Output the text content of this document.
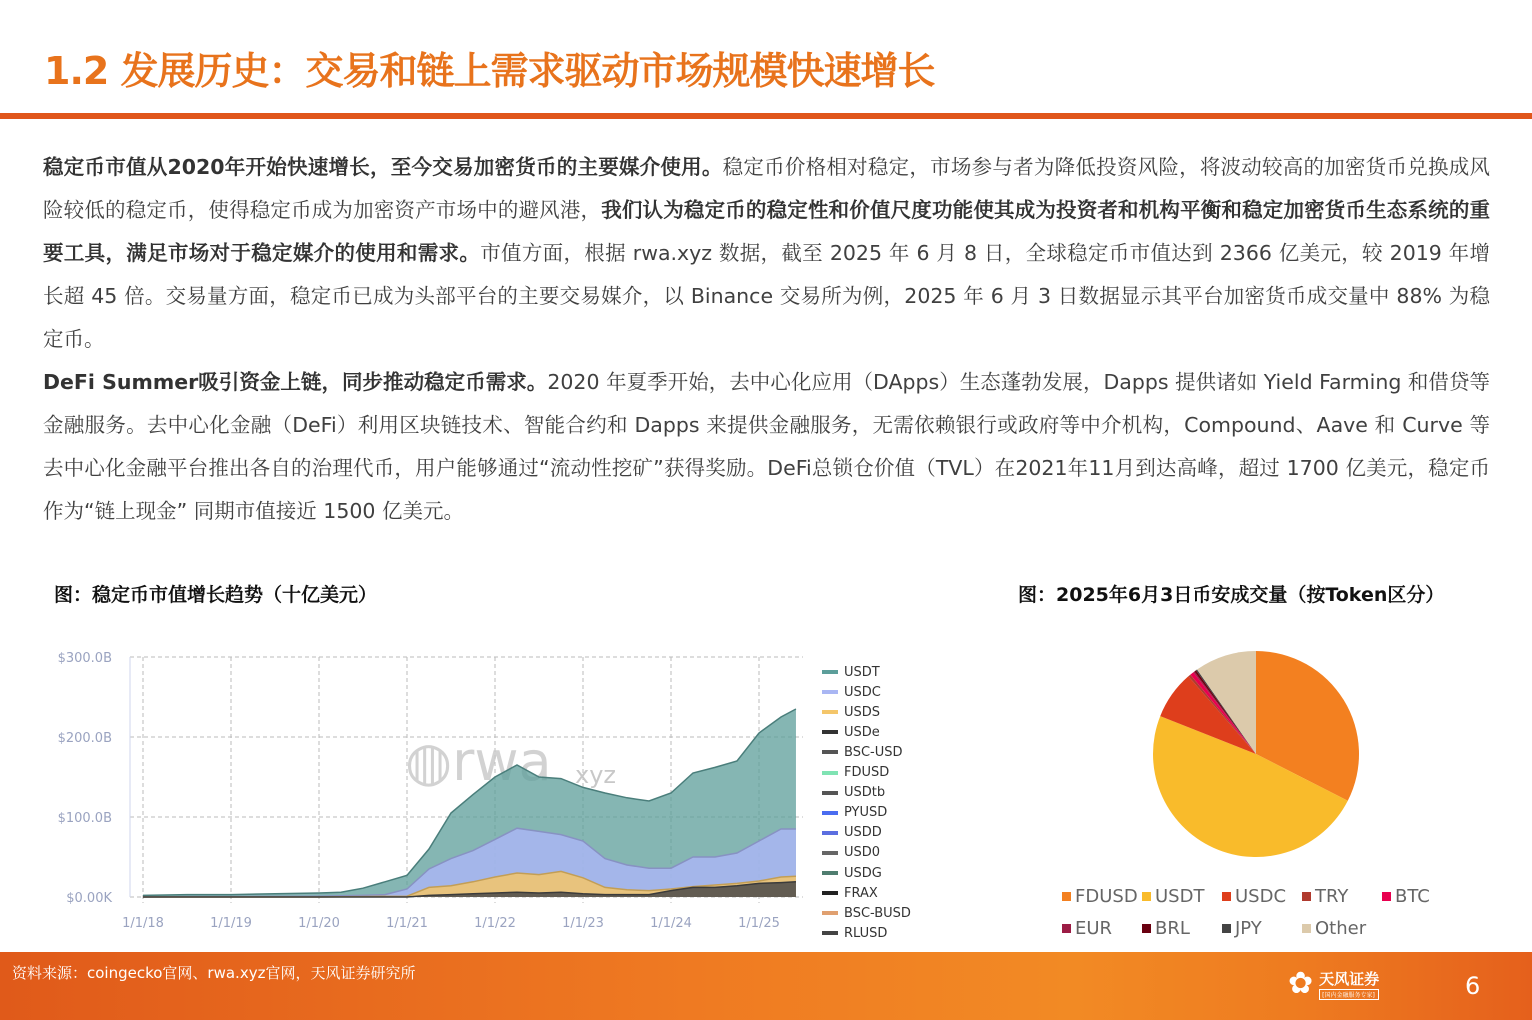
1.2 发展历史：交易和链上需求驱动市场规模快速增长
稳定币市值从2020年开始快速增长，至今交易加密货币的主要媒介使用。稳定币价格相对稳定，市场参与者为降低投资风险，将波动较高的加密货币兑换成风险较低的稳定币，使得稳定币成为加密资产市场中的避风港，我们认为稳定币的稳定性和价值尺度功能使其成为投资者和机构平衡和稳定加密货币生态系统的重要工具，满足市场对于稳定媒介的使用和需求。市值方面，根据 rwa.xyz 数据，截至 2025 年 6 月 8 日，全球稳定币市值达到 2366 亿美元，较 2019 年增长超 45 倍。交易量方面，稳定币已成为头部平台的主要交易媒介，以 Binance 交易所为例，2025 年 6 月 3 日数据显示其平台加密货币成交量中 88% 为稳定币。
DeFi Summer吸引资金上链，同步推动稳定币需求。2020 年夏季开始，去中心化应用（DApps）生态蓬勃发展，Dapps 提供诸如 Yield Farming 和借贷等金融服务。去中心化金融（DeFi）利用区块链技术、智能合约和 Dapps 来提供金融服务，无需依赖银行或政府等中介机构，Compound、Aave 和 Curve 等去中心化金融平台推出各自的治理代币，用户能够通过“流动性挖矿”获得奖励。DeFi总锁仓价值（TVL）在2021年11月到达高峰，超过 1700 亿美元，稳定币作为“链上现金” 同期市值接近 1500 亿美元。
图：稳定币市值增长趋势（十亿美元）	图：2025年6月3日币安成交量（按Token区分）
$0.00K
$100.0B
$200.0B
$300.0B
1/1/18	1/1/19	1/1/20	1/1/21	1/1/22	1/1/23	1/1/24	1/1/25
◍rwa xyz
USDT
USDC
USDS
USDe
BSC-USD
FDUSD
USDtb
PYUSD
USDD
USD0
USDG
FRAX
BSC-BUSD
RLUSD
FDUSD USDT USDC TRY	BTC
EUR BRL	JPY	Other
资料来源：coingecko官网、rwa.xyz官网，天风证券研究所	✿ 天风证券
[国内金融服务专家]	6
